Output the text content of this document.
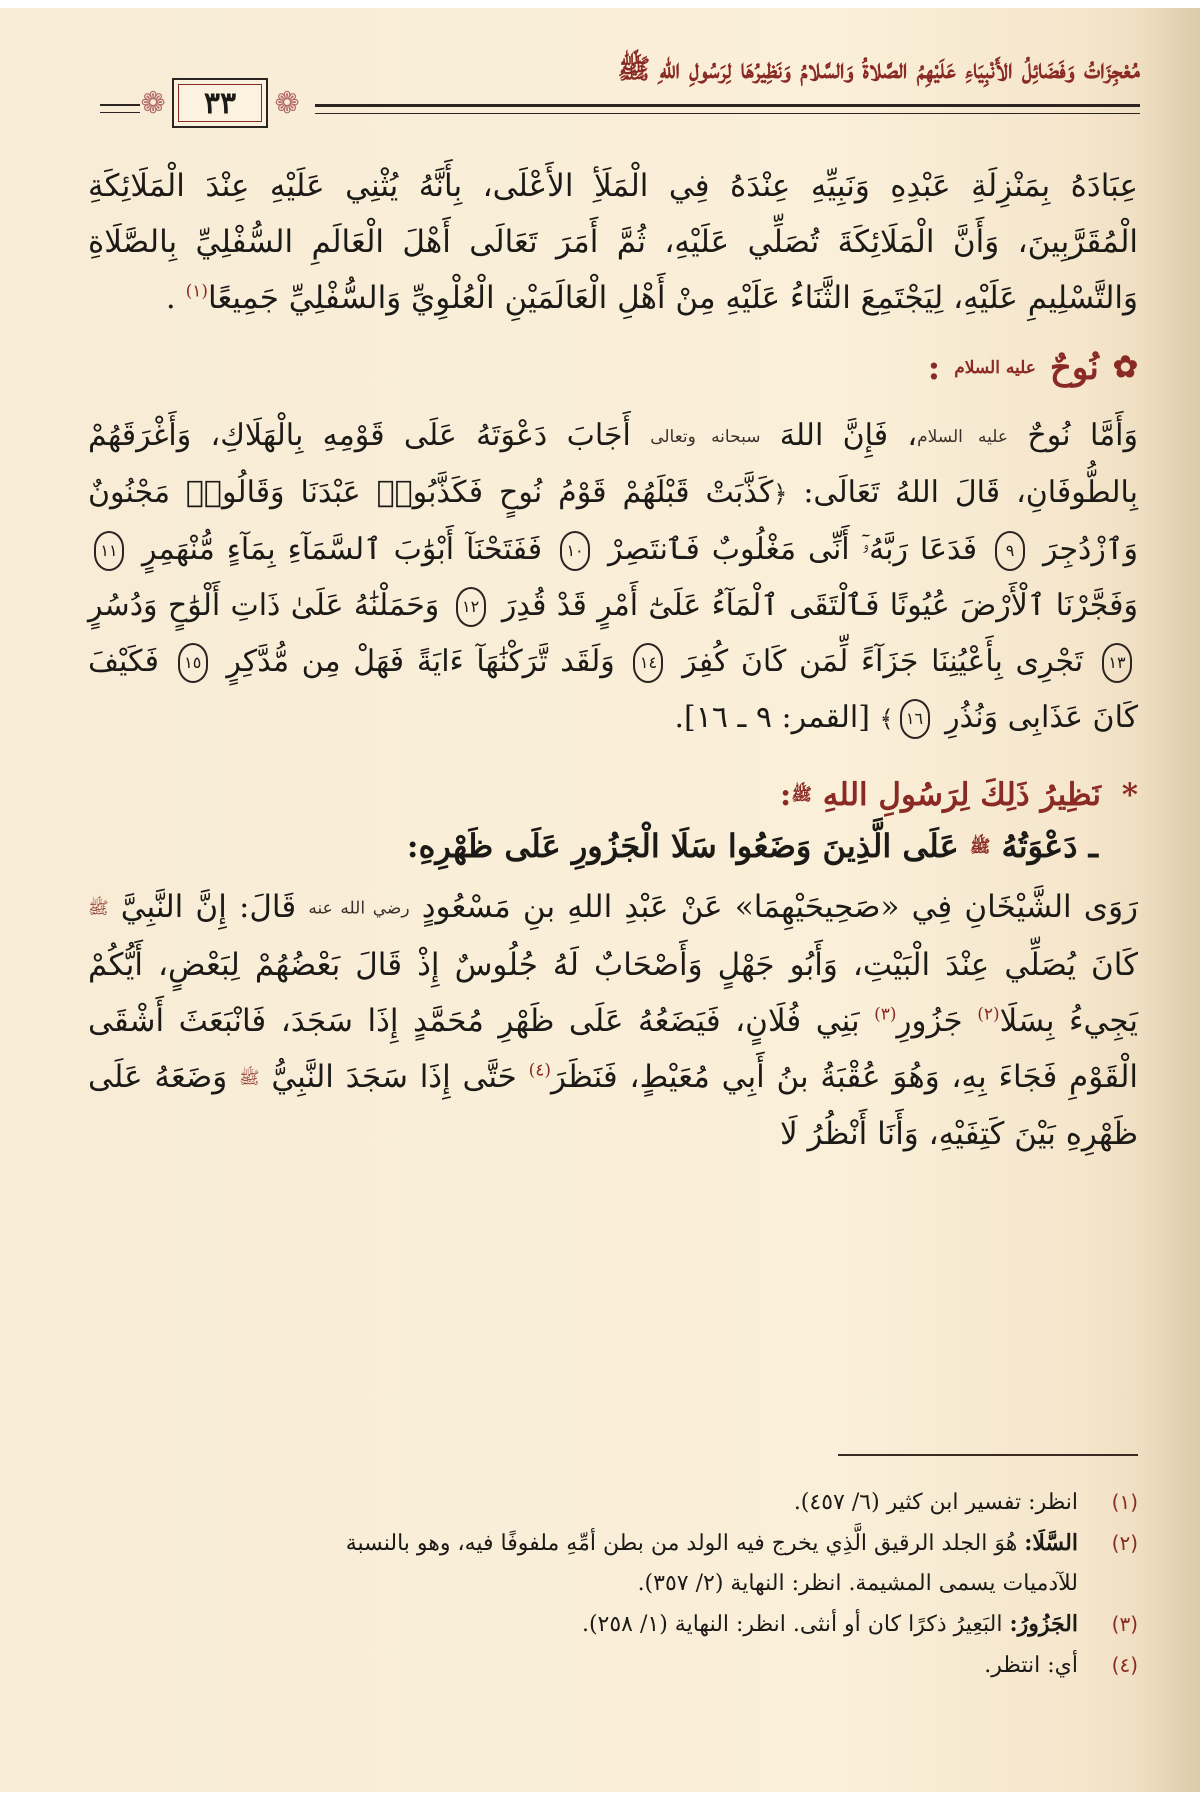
مُعْجِزَاتُ وَفَضَائِلُ الأَنْبِيَاءِ عَلَيْهِمُ الصَّلاةُ وَالسَّلامُ وَنَظِيرُهَا لِرَسُولِ اللهِ ﷺ
❁ ٣٣ ❁

عِبَادَهُ بِمَنْزِلَةِ عَبْدِهِ وَنَبِيِّهِ عِنْدَهُ فِي الْمَلَأِ الأَعْلَى، بِأَنَّهُ يُثْنِي عَلَيْهِ عِنْدَ الْمَلَائِكَةِ الْمُقَرَّبِينَ، وَأَنَّ الْمَلَائِكَةَ تُصَلِّي عَلَيْهِ، ثُمَّ أَمَرَ تَعَالَى أَهْلَ الْعَالَمِ السُّفْلِيِّ بِالصَّلَاةِ وَالتَّسْلِيمِ عَلَيْهِ، لِيَجْتَمِعَ الثَّنَاءُ عَلَيْهِ مِنْ أَهْلِ الْعَالَمَيْنِ الْعُلْوِيِّ وَالسُّفْلِيِّ جَمِيعًا$^{(١)}$ .

✿
نُوحٌ
عليه السلام
:

وَأَمَّا نُوحٌ عليه السلام، فَإِنَّ اللهَ سبحانه وتعالى أَجَابَ دَعْوَتَهُ عَلَى قَوْمِهِ بِالْهَلَاكِ، وَأَغْرَقَهُمْ بِالطُّوفَانِ، قَالَ اللهُ تَعَالَى: ﴿كَذَّبَتْ قَبْلَهُمْ قَوْمُ نُوحٍ فَكَذَّبُوا۟ عَبْدَنَا وَقَالُوا۟ مَجْنُونٌ وَٱزْدُجِرَ ٩ فَدَعَا رَبَّهُۥٓ أَنِّى مَغْلُوبٌ فَٱنتَصِرْ ١٠ فَفَتَحْنَآ أَبْوَٰبَ ٱلسَّمَآءِ بِمَآءٍ مُّنْهَمِرٍ ١١ وَفَجَّرْنَا ٱلْأَرْضَ عُيُونًا فَٱلْتَقَى ٱلْمَآءُ عَلَىٰٓ أَمْرٍ قَدْ قُدِرَ ١٢ وَحَمَلْنَٰهُ عَلَىٰ ذَاتِ أَلْوَٰحٍ وَدُسُرٍ ١٣ تَجْرِى بِأَعْيُنِنَا جَزَآءً لِّمَن كَانَ كُفِرَ ١٤ وَلَقَد تَّرَكْنَٰهَآ ءَايَةً فَهَلْ مِن مُّدَّكِرٍ ١٥ فَكَيْفَ كَانَ عَذَابِى وَنُذُرِ ١٦﴾ [القمر: ٩ ـ ١٦].

* نَظِيرُ ذَلِكَ لِرَسُولِ اللهِ ﷺ:
ـ دَعْوَتُهُ ﷺ عَلَى الَّذِينَ وَضَعُوا سَلَا الْجَزُورِ عَلَى ظَهْرِهِ:

رَوَى الشَّيْخَانِ فِي «صَحِيحَيْهِمَا» عَنْ عَبْدِ اللهِ بنِ مَسْعُودٍ رضي الله عنه قَالَ: إِنَّ النَّبِيَّ ﷺ كَانَ يُصَلِّي عِنْدَ الْبَيْتِ، وَأَبُو جَهْلٍ وَأَصْحَابٌ لَهُ جُلُوسٌ إِذْ قَالَ بَعْضُهُمْ لِبَعْضٍ، أَيُّكُمْ يَجِيءُ بِسَلَا$^{(٢)}$ جَزُورِ$^{(٣)}$ بَنِي فُلَانٍ، فَيَضَعُهُ عَلَى ظَهْرِ مُحَمَّدٍ إِذَا سَجَدَ، فَانْبَعَثَ أَشْقَى الْقَوْمِ فَجَاءَ بِهِ، وَهُوَ عُقْبَةُ بنُ أَبِي مُعَيْطٍ، فَنَظَرَ$^{(٤)}$ حَتَّى إِذَا سَجَدَ النَّبِيُّ ﷺ وَضَعَهُ عَلَى ظَهْرِهِ بَيْنَ كَتِفَيْهِ، وَأَنَا أَنْظُرُ لَا

(١)
انظر: تفسير ابن كثير (٦/ ٤٥٧).
(٢)
السَّلَا: هُوَ الجلد الرقيق الَّذِي يخرج فيه الولد من بطن أمِّهِ ملفوفًا فيه، وهو بالنسبة
للآدميات يسمى المشيمة. انظر: النهاية (٢/ ٣٥٧).
(٣)
الجَزُورُ: البَعِيرُ ذكرًا كان أو أنثى. انظر: النهاية (١/ ٢٥٨).
(٤)
أي: انتظر.
